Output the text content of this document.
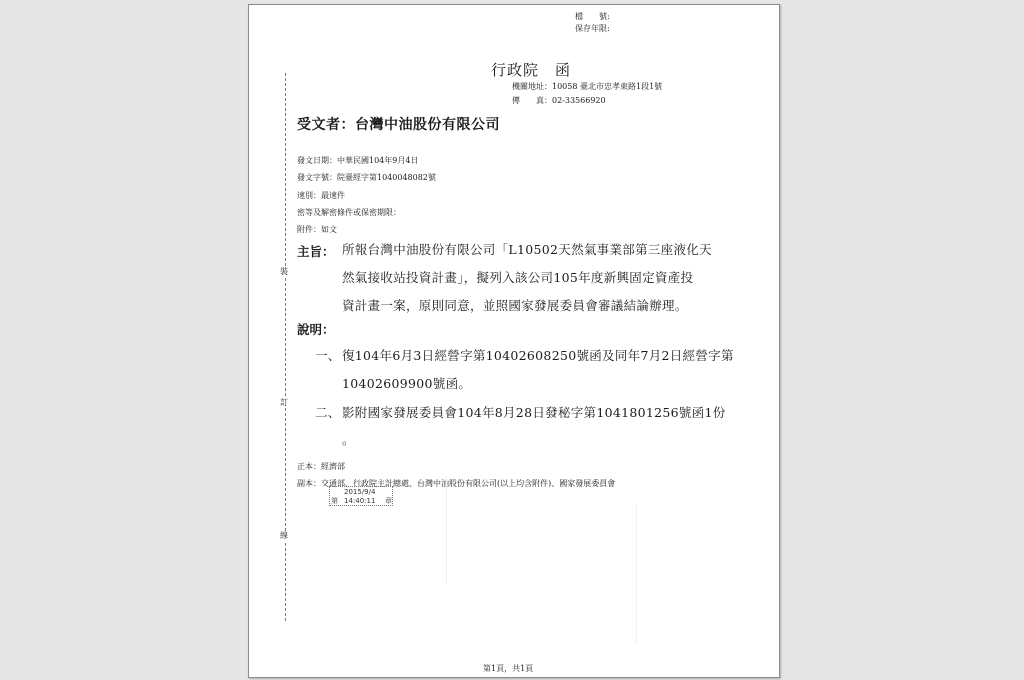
檔　　號:
保存年限:
行政院　函
機關地址：10058 臺北市忠孝東路1段1號
傳　　真：02-33566920
受文者：台灣中油股份有限公司
發文日期：中華民國104年9月4日
發文字號：院臺經字第1040048082號
速別：最速件
密等及解密條件或保密期限：
附件：如文
主旨： 所報台灣中油股份有限公司「L10502天然氣事業部第三座液化天
然氣接收站投資計畫」，擬列入該公司105年度新興固定資產投
資計畫一案，原則同意，並照國家發展委員會審議結論辦理。
說明：
一、 復104年6月3日經營字第10402608250號函及同年7月2日經營字第
10402609900號函。
二、 影附國家發展委員會104年8月28日發秘字第1041801256號函1份
。
正本：經濟部
副本：交通部、行政院主計總處、台灣中油股份有限公司(以上均含附件)、國家發展委員會
2015/9/4
第 14:40:11 章
裝
訂
線
第1頁，共1頁
